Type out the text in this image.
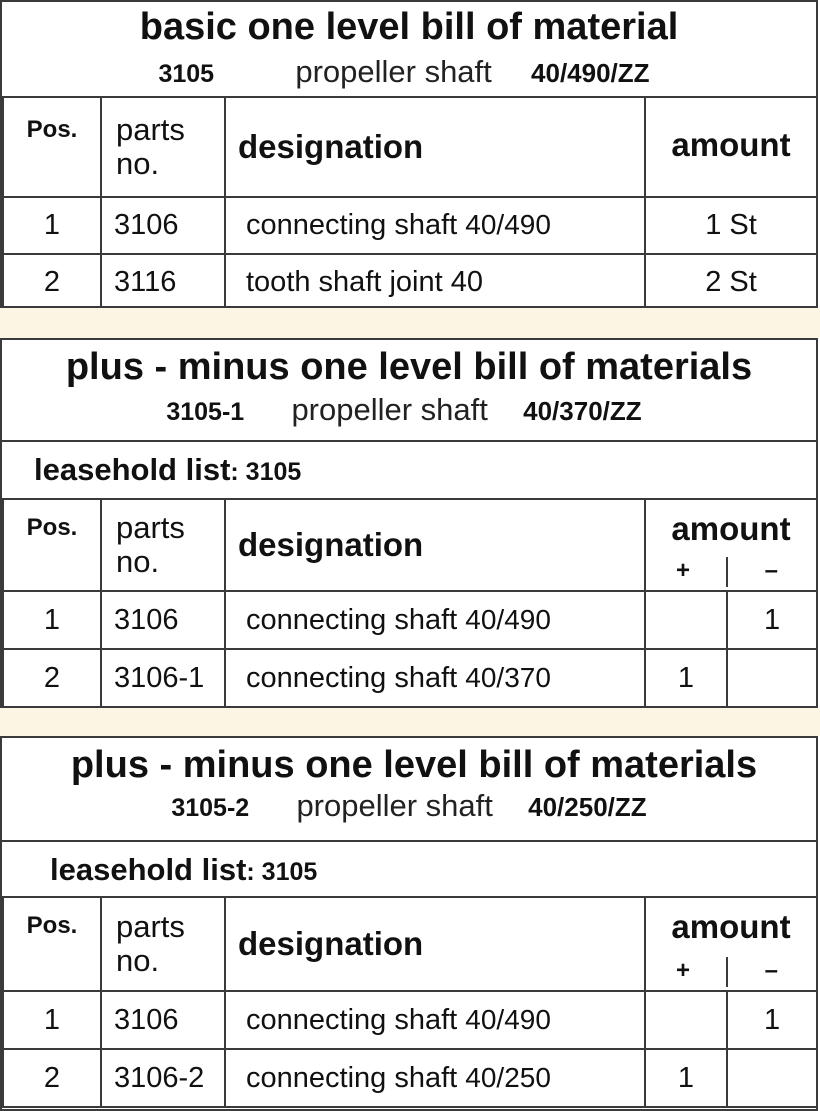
basic one level bill of material
3105	propeller shaft 40/490/ZZ
Pos.	parts no.	designation	amount
1	3106	connecting shaft 40/490	1 St
2	3116	tooth shaft joint 40	2 St
plus - minus one level bill of materials
3105-1 propeller shaft 40/370/ZZ
leasehold list: 3105
Pos.	parts no.	designation	amount
+ –	

1	3106	connecting shaft 40/490		1
2	3106-1	connecting shaft 40/370	1	
plus - minus one level bill of materials
3105-2 propeller shaft 40/250/ZZ
leasehold list: 3105
Pos.	parts no.	designation	amount
+ –	

1	3106	connecting shaft 40/490		1
2	3106-2	connecting shaft 40/250	1	
